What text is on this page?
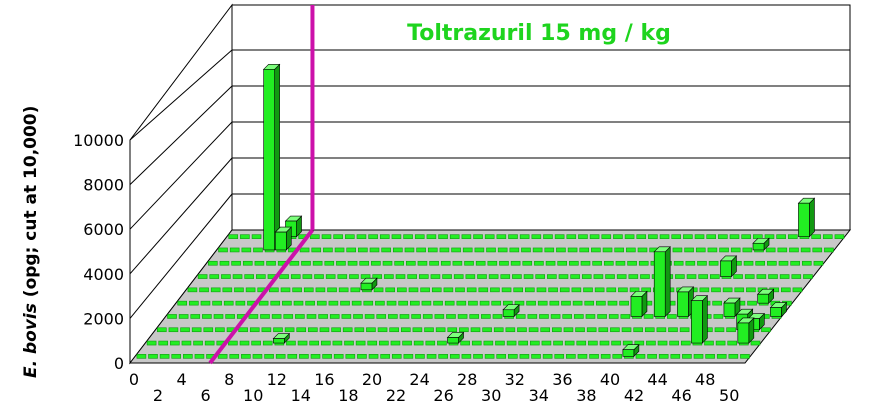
0
2000
4000
6000
8000
10000
0 4 8 12 16 20 24 28 32 36 40 44 48
2 6 10 14 18 22 26 30 34 38 42 46 50
Toltrazuril 15 mg / kg
E. bovis (opg; cut at 10,000)
